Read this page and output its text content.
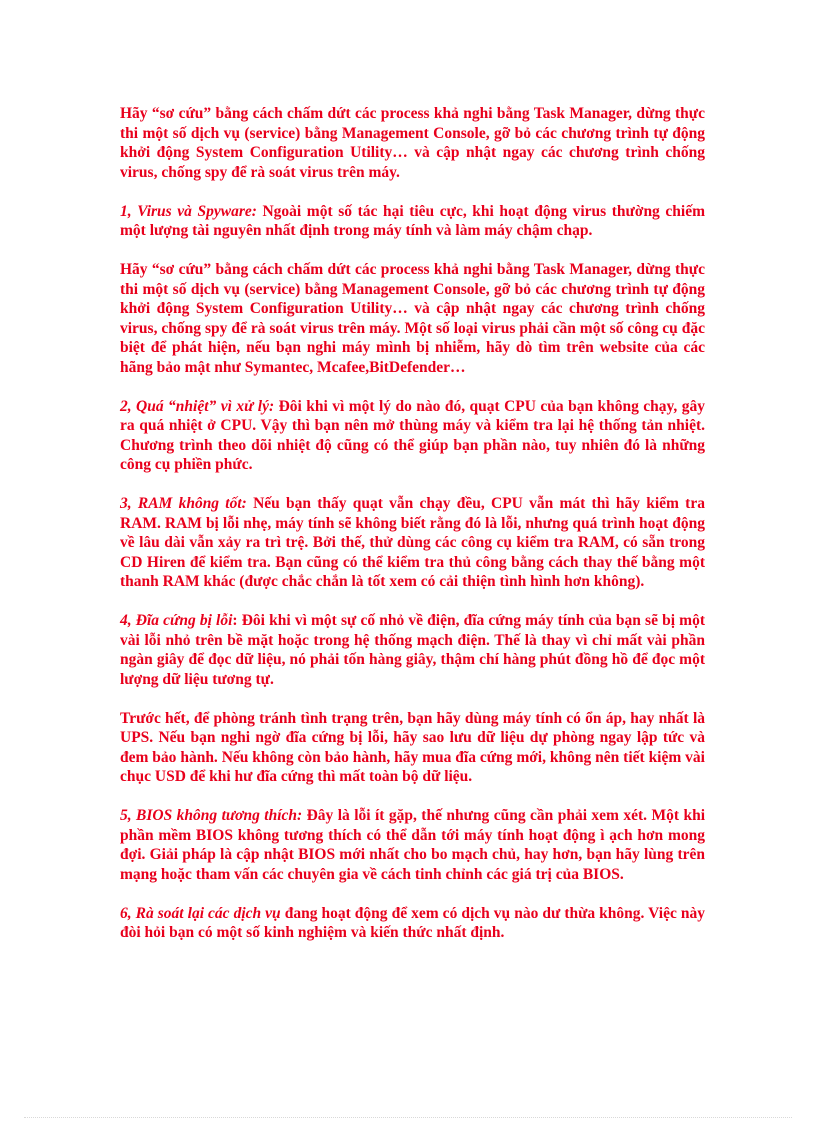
Hãy “sơ cứu” bằng cách chấm dứt các process khả nghi bằng Task Manager, dừng thực thi một số dịch vụ (service) bằng Management Console, gỡ bỏ các chương trình tự động khởi động System Configuration Utility… và cập nhật ngay các chương trình chống virus, chống spy để rà soát virus trên máy.

1, Virus và Spyware: Ngoài một số tác hại tiêu cực, khi hoạt động virus thường chiếm một lượng tài nguyên nhất định trong máy tính và làm máy chậm chạp.

Hãy “sơ cứu” bằng cách chấm dứt các process khả nghi bằng Task Manager, dừng thực thi một số dịch vụ (service) bằng Management Console, gỡ bỏ các chương trình tự động khởi động System Configuration Utility… và cập nhật ngay các chương trình chống virus, chống spy để rà soát virus trên máy. Một số loại virus phải cần một số công cụ đặc biệt để phát hiện, nếu bạn nghi máy mình bị nhiễm, hãy dò tìm trên website của các hãng bảo mật như Symantec, Mcafee,BitDefender…

2, Quá “nhiệt” vì xử lý: Đôi khi vì một lý do nào đó, quạt CPU của bạn không chạy, gây ra quá nhiệt ở CPU. Vậy thì bạn nên mở thùng máy và kiểm tra lại hệ thống tản nhiệt. Chương trình theo dõi nhiệt độ cũng có thể giúp bạn phần nào, tuy nhiên đó là những công cụ phiền phức.

3, RAM không tốt: Nếu bạn thấy quạt vẫn chạy đều, CPU vẫn mát thì hãy kiểm tra RAM. RAM bị lỗi nhẹ, máy tính sẽ không biết rằng đó là lỗi, nhưng quá trình hoạt động về lâu dài vẫn xảy ra trì trệ. Bởi thế, thử dùng các công cụ kiểm tra RAM, có sẵn trong CD Hiren để kiểm tra. Bạn cũng có thể kiểm tra thủ công bằng cách thay thế bằng một thanh RAM khác (được chắc chắn là tốt xem có cải thiện tình hình hơn không).

4, Đĩa cứng bị lỗi: Đôi khi vì một sự cố nhỏ về điện, đĩa cứng máy tính của bạn sẽ bị một vài lỗi nhỏ trên bề mặt hoặc trong hệ thống mạch điện. Thế là thay vì chỉ mất vài phần ngàn giây để đọc dữ liệu, nó phải tốn hàng giây, thậm chí hàng phút đồng hồ để đọc một lượng dữ liệu tương tự.

Trước hết, để phòng tránh tình trạng trên, bạn hãy dùng máy tính có ổn áp, hay nhất là UPS. Nếu bạn nghi ngờ đĩa cứng bị lỗi, hãy sao lưu dữ liệu dự phòng ngay lập tức và đem bảo hành. Nếu không còn bảo hành, hãy mua đĩa cứng mới, không nên tiết kiệm vài chục USD để khi hư đĩa cứng thì mất toàn bộ dữ liệu.

5, BIOS không tương thích: Đây là lỗi ít gặp, thế nhưng cũng cần phải xem xét. Một khi phần mềm BIOS không tương thích có thể dẫn tới máy tính hoạt động ì ạch hơn mong đợi. Giải pháp là cập nhật BIOS mới nhất cho bo mạch chủ, hay hơn, bạn hãy lùng trên mạng hoặc tham vấn các chuyên gia về cách tinh chỉnh các giá trị của BIOS.

6, Rà soát lại các dịch vụ đang hoạt động để xem có dịch vụ nào dư thừa không. Việc này đòi hỏi bạn có một số kinh nghiệm và kiến thức nhất định.
